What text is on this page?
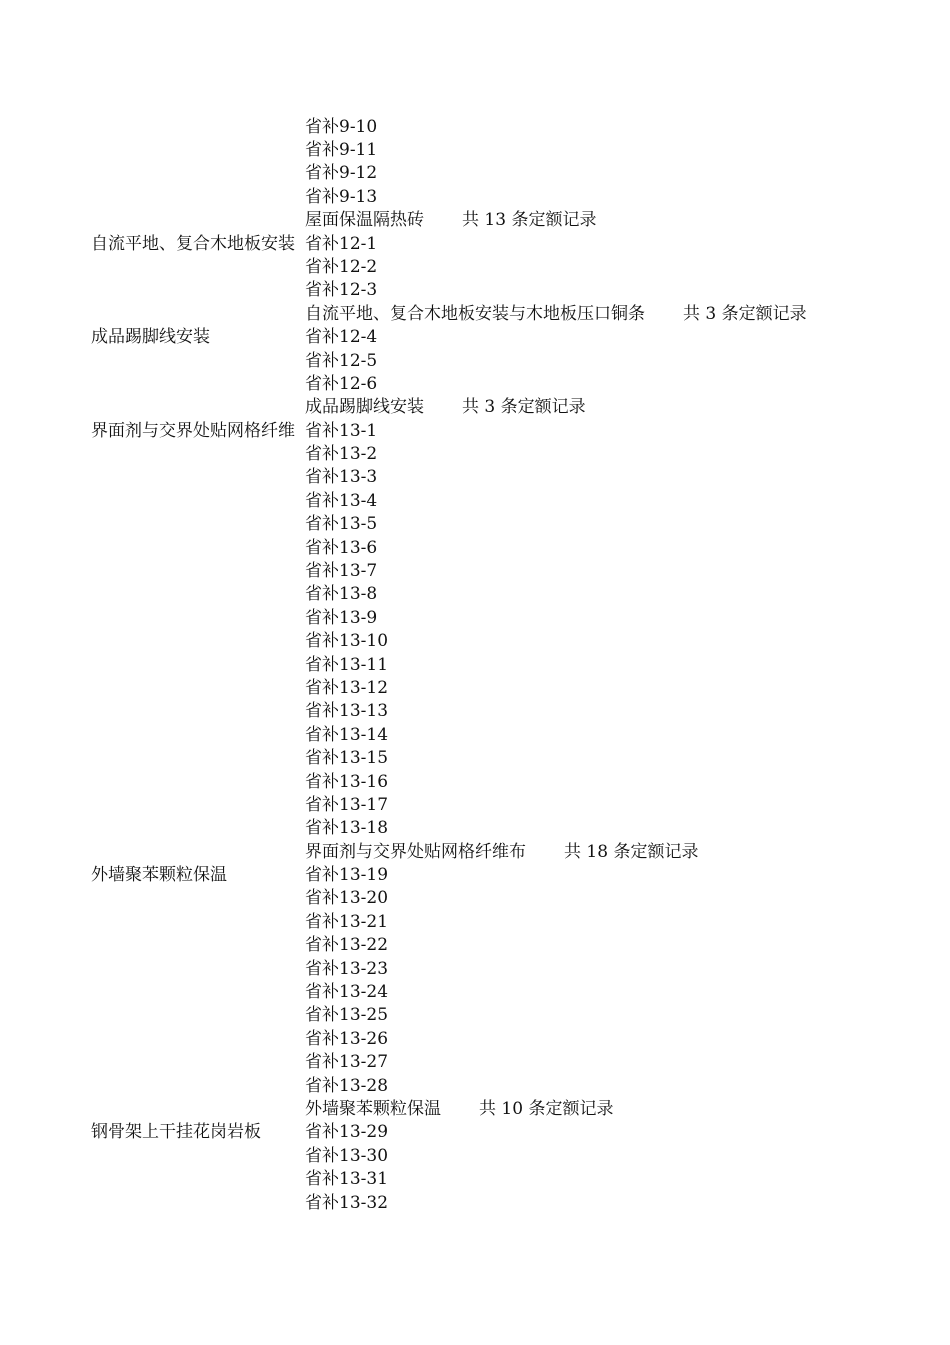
省补9-10
省补9-11
省补9-12
省补9-13
屋面保温隔热砖 共 13 条定额记录
自流平地、复合木地板安装 省补12-1
省补12-2
省补12-3
自流平地、复合木地板安装与木地板压口铜条 共 3 条定额记录
成品踢脚线安装	省补12-4
省补12-5
省补12-6
成品踢脚线安装 共 3 条定额记录
界面剂与交界处贴网格纤维 省补13-1
省补13-2
省补13-3
省补13-4
省补13-5
省补13-6
省补13-7
省补13-8
省补13-9
省补13-10
省补13-11
省补13-12
省补13-13
省补13-14
省补13-15
省补13-16
省补13-17
省补13-18
界面剂与交界处贴网格纤维布 共 18 条定额记录
外墙聚苯颗粒保温	省补13-19
省补13-20
省补13-21
省补13-22
省补13-23
省补13-24
省补13-25
省补13-26
省补13-27
省补13-28
外墙聚苯颗粒保温 共 10 条定额记录
钢骨架上干挂花岗岩板	省补13-29
省补13-30
省补13-31
省补13-32
